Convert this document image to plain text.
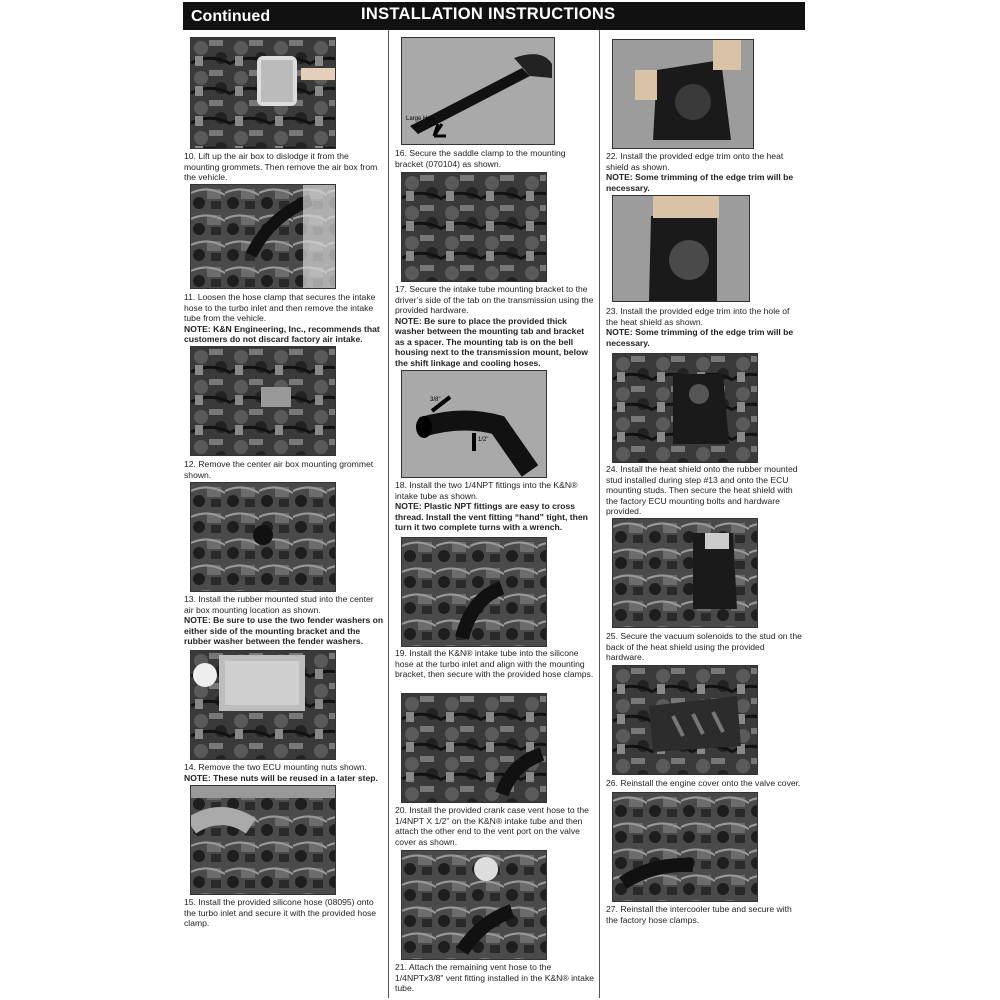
Continued	INSTALLATION INSTRUCTIONS
10. Lift up the air box to dislodge it from the mounting grommets. Then remove the air box from the vehicle.
11. Loosen the hose clamp that secures the intake hose to the turbo inlet and then remove the intake tube from the vehicle.
NOTE: K&N Engineering, Inc., recommends that customers do not discard factory air intake.
12. Remove the center air box mounting grommet shown.
13. Install the rubber mounted stud into the center air box mounting location as shown.
NOTE: Be sure to use the two fender washers on either side of the mounting bracket and the rubber washer between the fender washers.
14. Remove the two ECU mounting nuts shown.
NOTE: These nuts will be reused in a later step.
15. Install the provided silicone hose (08095) onto the turbo inlet and secure it with the provided hose clamp.
Large Hole
16. Secure the saddle clamp to the mounting bracket (070104) as shown.
17. Secure the intake tube mounting bracket to the driver’s side of the tab on the transmission using the provided hardware.
NOTE: Be sure to place the provided thick washer between the mounting tab and bracket as a spacer. The mounting tab is on the bell housing next to the transmission mount, below the shift linkage and cooling hoses.
3/8"
1/2"
18. Install the two 1/4NPT fittings into the K&N® intake tube as shown.
NOTE: Plastic NPT fittings are easy to cross thread. Install the vent fitting “hand” tight, then turn it two complete turns with a wrench.
19. Install the K&N® intake tube into the silicone hose at the turbo inlet and align with the mounting bracket, then secure with the provided hose clamps.
20. Install the provided crank case vent hose to the 1/4NPT X 1/2" on the K&N® intake tube and then attach the other end to the vent port on the valve cover as shown.
21. Attach the remaining vent hose to the 1/4NPTx3/8" vent fitting installed in the K&N® intake tube.
22. Install the provided edge trim onto the heat shield as shown.
NOTE: Some trimming of the edge trim will be necessary.
23. Install the provided edge trim into the hole of the heat shield as shown.
NOTE: Some trimming of the edge trim will be necessary.
24. Install the heat shield onto the rubber mounted stud installed during step #13 and onto the ECU mounting studs. Then secure the heat shield with the factory ECU mounting bolts and hardware provided.
25. Secure the vacuum solenoids to the stud on the back of the heat shield using the provided hardware.
26. Reinstall the engine cover onto the valve cover.
27. Reinstall the intercooler tube and secure with the factory hose clamps.
